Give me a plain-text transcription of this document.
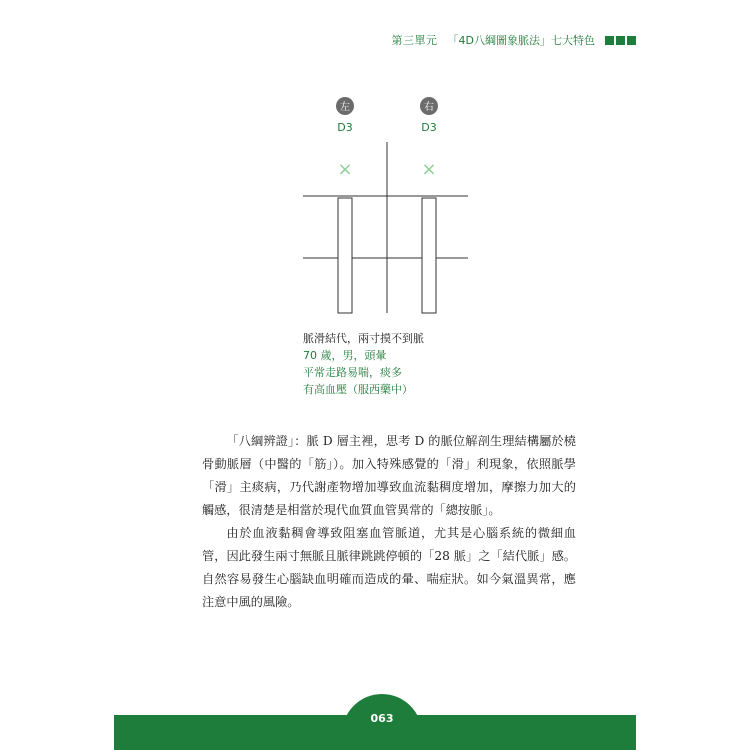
第三單元 「4D八綱圖象脈法」七大特色
左	右
D3	D3
×	×
脈滑結代，兩寸摸不到脈
70 歲，男，頭暈
平常走路易喘，痰多
有高血壓（服西藥中）

「八綱辨證」：脈 D 層主裡，思考 D 的脈位解剖生理結構屬於橈骨動脈層（中醫的「筋」）。加入特殊感覺的「滑」利現象，依照脈學「滑」主痰病，乃代謝產物增加導致血流黏稠度增加，摩擦力加大的觸感，很清楚是相當於現代血質血管異常的「總按脈」。

由於血液黏稠會導致阻塞血管脈道，尤其是心腦系統的微細血管，因此發生兩寸無脈且脈律跳跳停頓的「28 脈」之「結代脈」感。自然容易發生心腦缺血明確而造成的暈、喘症狀。如今氣溫異常，應注意中風的風險。

063
